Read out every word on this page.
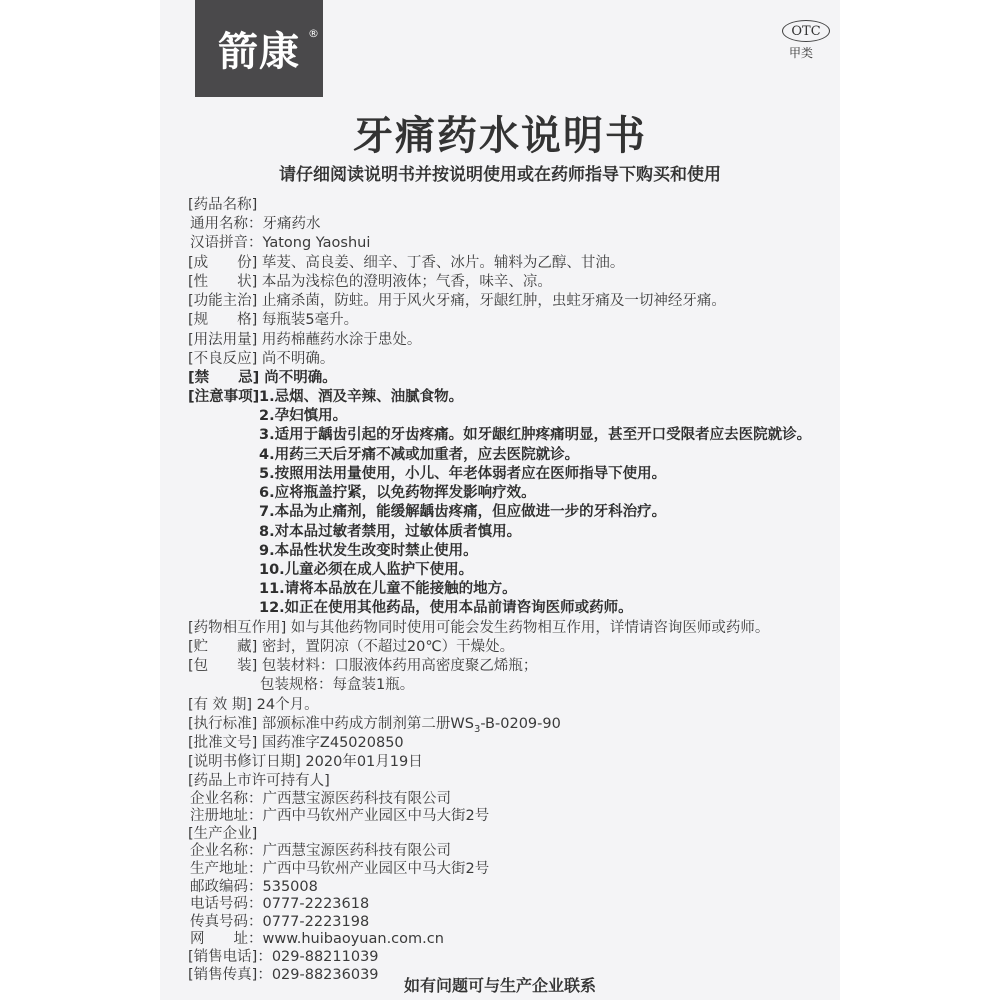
箭康 ®	OTC
甲类
牙痛药水说明书
请仔细阅读说明书并按说明使用或在药师指导下购买和使用
[药品名称]
通用名称：牙痛药水
汉语拼音：Yatong Yaoshui
[成　　份] 荜茇、高良姜、细辛、丁香、冰片。辅料为乙醇、甘油。
[性　　状] 本品为浅棕色的澄明液体；气香，味辛、凉。
[功能主治] 止痛杀菌，防蛀。用于风火牙痛，牙龈红肿，虫蛀牙痛及一切神经牙痛。
[规　　格] 每瓶装5毫升。
[用法用量] 用药棉蘸药水涂于患处。
[不良反应] 尚不明确。
[禁　　忌] 尚不明确。
[注意事项] 1.忌烟、酒及辛辣、油腻食物。
2.孕妇慎用。
3.适用于龋齿引起的牙齿疼痛。如牙龈红肿疼痛明显，甚至开口受限者应去医院就诊。
4.用药三天后牙痛不减或加重者，应去医院就诊。
5.按照用法用量使用，小儿、年老体弱者应在医师指导下使用。
6.应将瓶盖拧紧，以免药物挥发影响疗效。
7.本品为止痛剂，能缓解龋齿疼痛，但应做进一步的牙科治疗。
8.对本品过敏者禁用，过敏体质者慎用。
9.本品性状发生改变时禁止使用。
10.儿童必须在成人监护下使用。
11.请将本品放在儿童不能接触的地方。
12.如正在使用其他药品，使用本品前请咨询医师或药师。
[药物相互作用] 如与其他药物同时使用可能会发生药物相互作用，详情请咨询医师或药师。
[贮　　藏] 密封，置阴凉（不超过20℃）干燥处。
[包　　装] 包装材料：口服液体药用高密度聚乙烯瓶；
包装规格：每盒装1瓶。
[有 效 期] 24个月。
[执行标准] 部颁标准中药成方制剂第二册$WS_3-B-0209-90$
[批准文号] 国药准字Z45020850
[说明书修订日期] 2020年01月19日
[药品上市许可持有人]
企业名称：广西慧宝源医药科技有限公司
注册地址：广西中马钦州产业园区中马大街2号
[生产企业]
企业名称：广西慧宝源医药科技有限公司
生产地址：广西中马钦州产业园区中马大街2号
邮政编码：535008
电话号码：0777-2223618
传真号码：0777-2223198
网　　址：www.huibaoyuan.com.cn
如有问题可与生产企业联系
[销售电话]：029-88211039
[销售传真]：029-88236039
